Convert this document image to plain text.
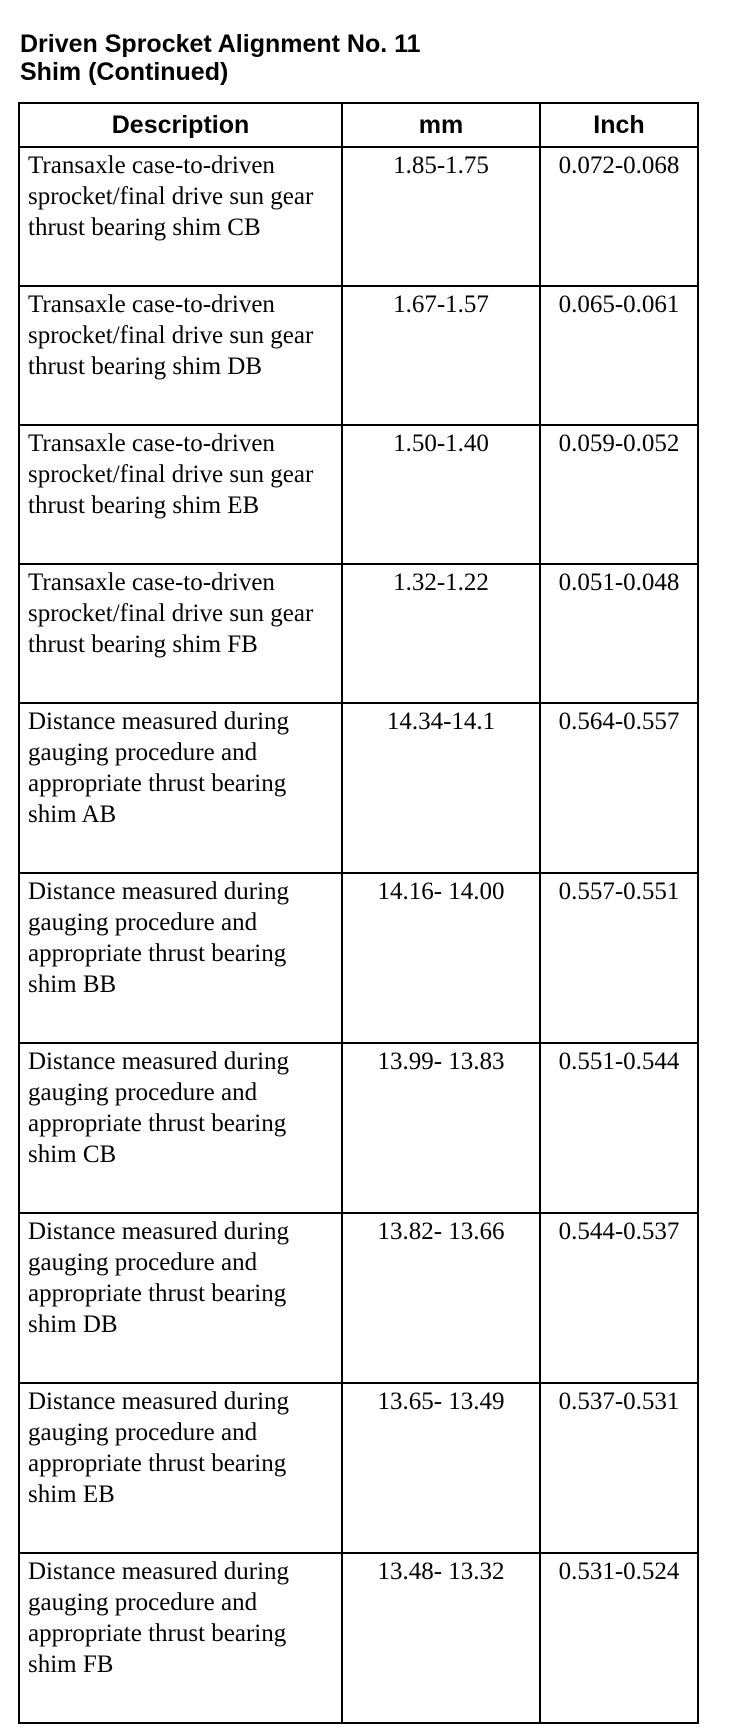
Driven Sprocket Alignment No. 11
Shim (Continued)
Description	mm	Inch
Transaxle case-to-driven sprocket/final drive sun gear thrust bearing shim CB	1.85-1.75	0.072-0.068
Transaxle case-to-driven sprocket/final drive sun gear thrust bearing shim DB	1.67-1.57	0.065-0.061
Transaxle case-to-driven sprocket/final drive sun gear thrust bearing shim EB	1.50-1.40	0.059-0.052
Transaxle case-to-driven sprocket/final drive sun gear thrust bearing shim FB	1.32-1.22	0.051-0.048
Distance measured during gauging procedure and appropriate thrust bearing shim AB	14.34-14.1	0.564-0.557
Distance measured during gauging procedure and appropriate thrust bearing shim BB	14.16- 14.00	0.557-0.551
Distance measured during gauging procedure and appropriate thrust bearing shim CB	13.99- 13.83	0.551-0.544
Distance measured during gauging procedure and appropriate thrust bearing shim DB	13.82- 13.66	0.544-0.537
Distance measured during gauging procedure and appropriate thrust bearing shim EB	13.65- 13.49	0.537-0.531
Distance measured during gauging procedure and appropriate thrust bearing shim FB	13.48- 13.32	0.531-0.524
